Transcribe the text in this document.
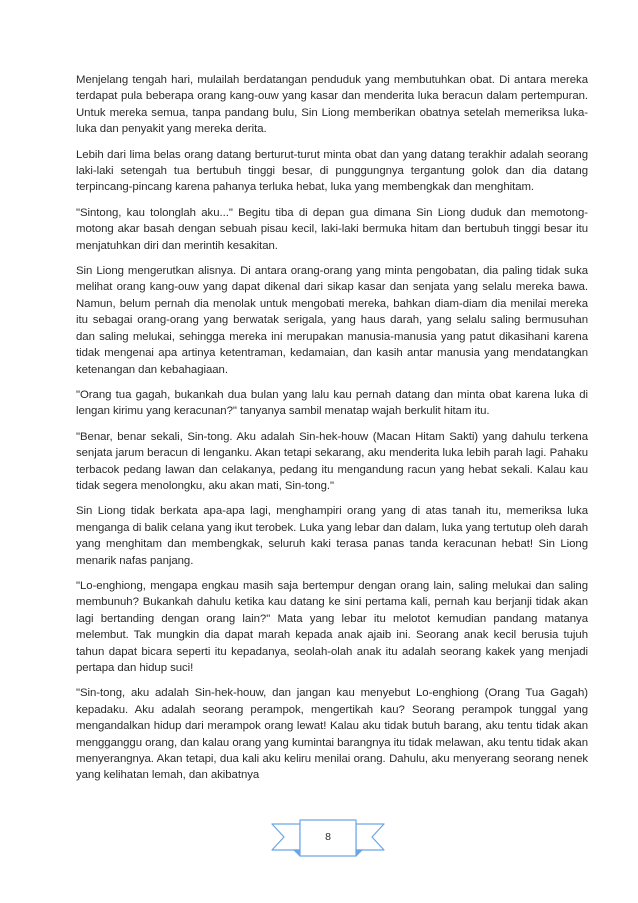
Menjelang tengah hari, mulailah berdatangan penduduk yang membutuhkan obat. Di antara mereka terdapat pula beberapa orang kang-ouw yang kasar dan menderita luka beracun dalam pertempuran. Untuk mereka semua, tanpa pandang bulu, Sin Liong memberikan obatnya setelah memeriksa luka-luka dan penyakit yang mereka derita.

Lebih dari lima belas orang datang berturut-turut minta obat dan yang datang terakhir adalah seorang laki-laki setengah tua bertubuh tinggi besar, di punggungnya tergantung golok dan dia datang terpincang-pincang karena pahanya terluka hebat, luka yang membengkak dan menghitam.

"Sintong, kau tolonglah aku..." Begitu tiba di depan gua dimana Sin Liong duduk dan memotong-motong akar basah dengan sebuah pisau kecil, laki-laki bermuka hitam dan bertubuh tinggi besar itu menjatuhkan diri dan merintih kesakitan.

Sin Liong mengerutkan alisnya. Di antara orang-orang yang minta pengobatan, dia paling tidak suka melihat orang kang-ouw yang dapat dikenal dari sikap kasar dan senjata yang selalu mereka bawa. Namun, belum pernah dia menolak untuk mengobati mereka, bahkan diam-diam dia menilai mereka itu sebagai orang-orang yang berwatak serigala, yang haus darah, yang selalu saling bermusuhan dan saling melukai, sehingga mereka ini merupakan manusia-manusia yang patut dikasihani karena tidak mengenai apa artinya ketentraman, kedamaian, dan kasih antar manusia yang mendatangkan ketenangan dan kebahagiaan.

"Orang tua gagah, bukankah dua bulan yang lalu kau pernah datang dan minta obat karena luka di lengan kirimu yang keracunan?" tanyanya sambil menatap wajah berkulit hitam itu.

"Benar, benar sekali, Sin-tong. Aku adalah Sin-hek-houw (Macan Hitam Sakti) yang dahulu terkena senjata jarum beracun di lenganku. Akan tetapi sekarang, aku menderita luka lebih parah lagi. Pahaku terbacok pedang lawan dan celakanya, pedang itu mengandung racun yang hebat sekali. Kalau kau tidak segera menolongku, aku akan mati, Sin-tong."

Sin Liong tidak berkata apa-apa lagi, menghampiri orang yang di atas tanah itu, memeriksa luka menganga di balik celana yang ikut terobek. Luka yang lebar dan dalam, luka yang tertutup oleh darah yang menghitam dan membengkak, seluruh kaki terasa panas tanda keracunan hebat! Sin Liong menarik nafas panjang.

"Lo-enghiong, mengapa engkau masih saja bertempur dengan orang lain, saling melukai dan saling membunuh? Bukankah dahulu ketika kau datang ke sini pertama kali, pernah kau berjanji tidak akan lagi bertanding dengan orang lain?" Mata yang lebar itu melotot kemudian pandang matanya melembut. Tak mungkin dia dapat marah kepada anak ajaib ini. Seorang anak kecil berusia tujuh tahun dapat bicara seperti itu kepadanya, seolah-olah anak itu adalah seorang kakek yang menjadi pertapa dan hidup suci!

"Sin-tong, aku adalah Sin-hek-houw, dan jangan kau menyebut Lo-enghiong (Orang Tua Gagah) kepadaku. Aku adalah seorang perampok, mengertikah kau? Seorang perampok tunggal yang mengandalkan hidup dari merampok orang lewat! Kalau aku tidak butuh barang, aku tentu tidak akan mengganggu orang, dan kalau orang yang kumintai barangnya itu tidak melawan, aku tentu tidak akan menyerangnya. Akan tetapi, dua kali aku keliru menilai orang. Dahulu, aku menyerang seorang nenek yang kelihatan lemah, dan akibatnya

8
